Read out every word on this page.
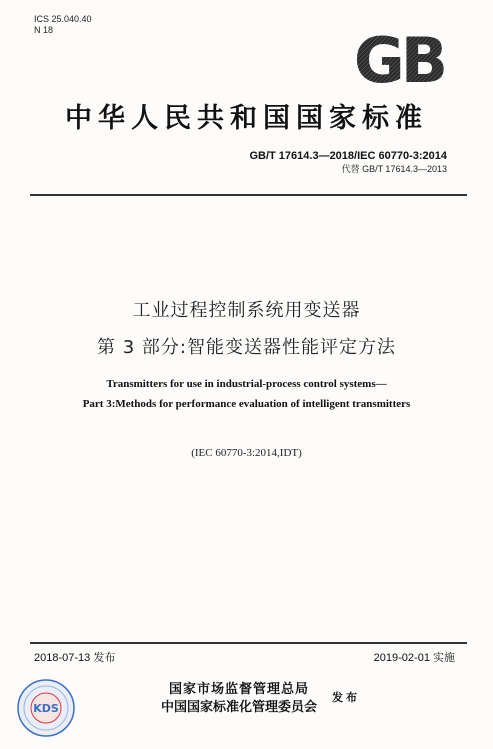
ICS 25.040.40
N 18	GB
中华人民共和国国家标准
GB/T 17614.3—2018/IEC 60770-3:2014
代替 GB/T 17614.3—2013
工业过程控制系统用变送器
第 3 部分:智能变送器性能评定方法
Transmitters for use in industrial-process control systems—
Part 3:Methods for performance evaluation of intelligent transmitters
(IEC 60770-3:2014,IDT)
2018-07-13 发布	2019-02-01 实施
KDS
国家市场监督管理总局
中国国家标准化管理委员会
发布
